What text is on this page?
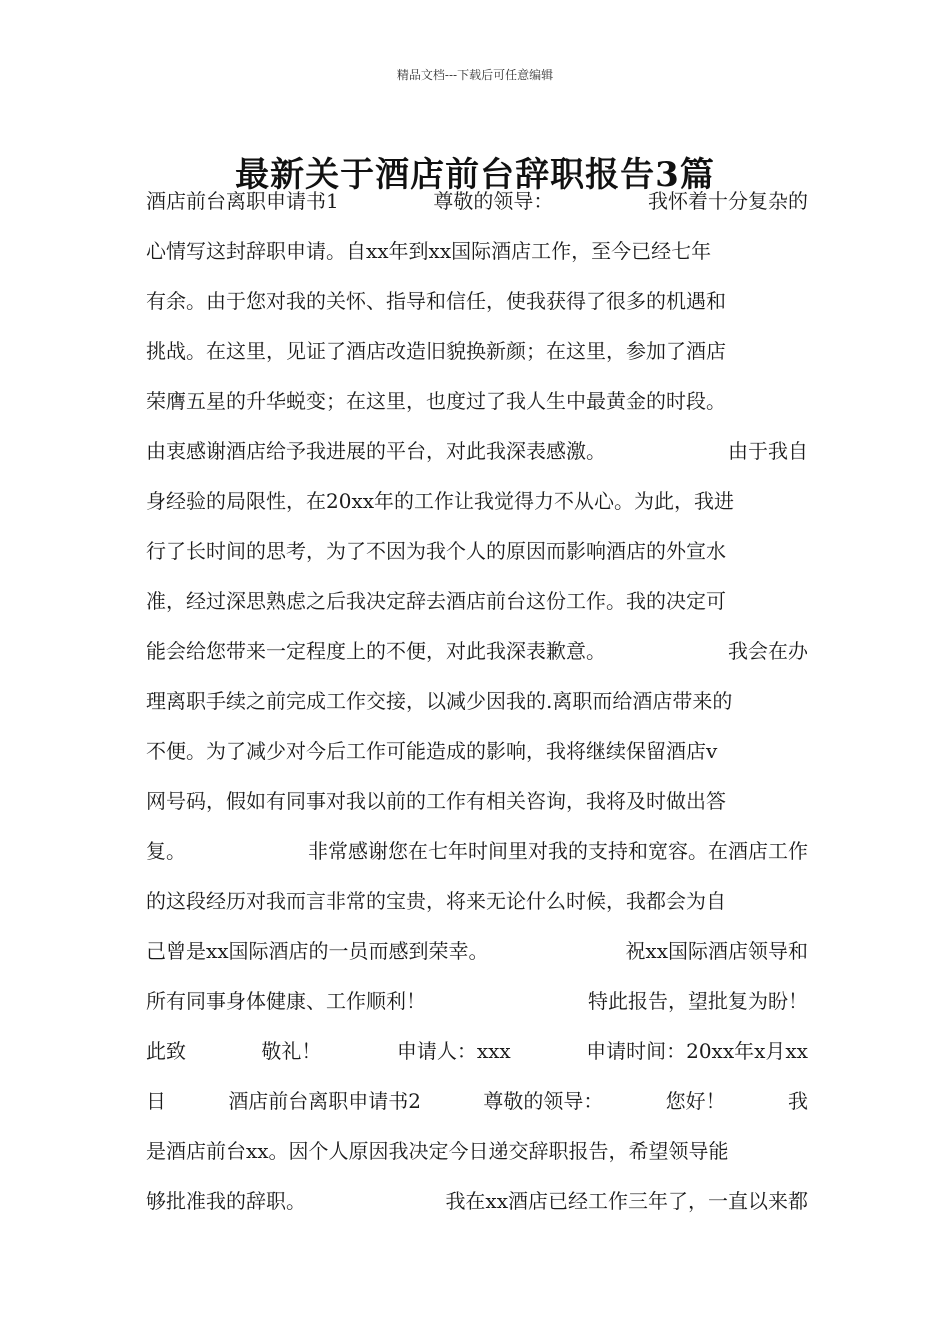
精品文档---下载后可任意编辑
最新关于酒店前台辞职报告3篇
酒店前台离职申请书1	尊敬的领导：	我怀着十分复杂的
心情写这封辞职申请。自xx年到xx国际酒店工作，至今已经七年
有余。由于您对我的关怀、指导和信任，使我获得了很多的机遇和
挑战。在这里，见证了酒店改造旧貌换新颜；在这里，参加了酒店
荣膺五星的升华蜕变；在这里，也度过了我人生中最黄金的时段。
由衷感谢酒店给予我进展的平台，对此我深表感激。	由于我自
身经验的局限性，在20xx年的工作让我觉得力不从心。为此，我进
行了长时间的思考，为了不因为我个人的原因而影响酒店的外宣水
准，经过深思熟虑之后我决定辞去酒店前台这份工作。我的决定可
能会给您带来一定程度上的不便，对此我深表歉意。	我会在办
理离职手续之前完成工作交接，以减少因我的.离职而给酒店带来的
不便。为了减少对今后工作可能造成的影响，我将继续保留酒店v
网号码，假如有同事对我以前的工作有相关咨询，我将及时做出答
复。	非常感谢您在七年时间里对我的支持和宽容。在酒店工作
的这段经历对我而言非常的宝贵，将来无论什么时候，我都会为自
己曾是xx国际酒店的一员而感到荣幸。	祝xx国际酒店领导和
所有同事身体健康、工作顺利！	特此报告，望批复为盼！
此致	敬礼！	申请人：xxx	申请时间：20xx年x月xx
日	酒店前台离职申请书2	尊敬的领导：	您好！	我
是酒店前台xx。因个人原因我决定今日递交辞职报告，希望领导能
够批准我的辞职。	我在xx酒店已经工作三年了，一直以来都
